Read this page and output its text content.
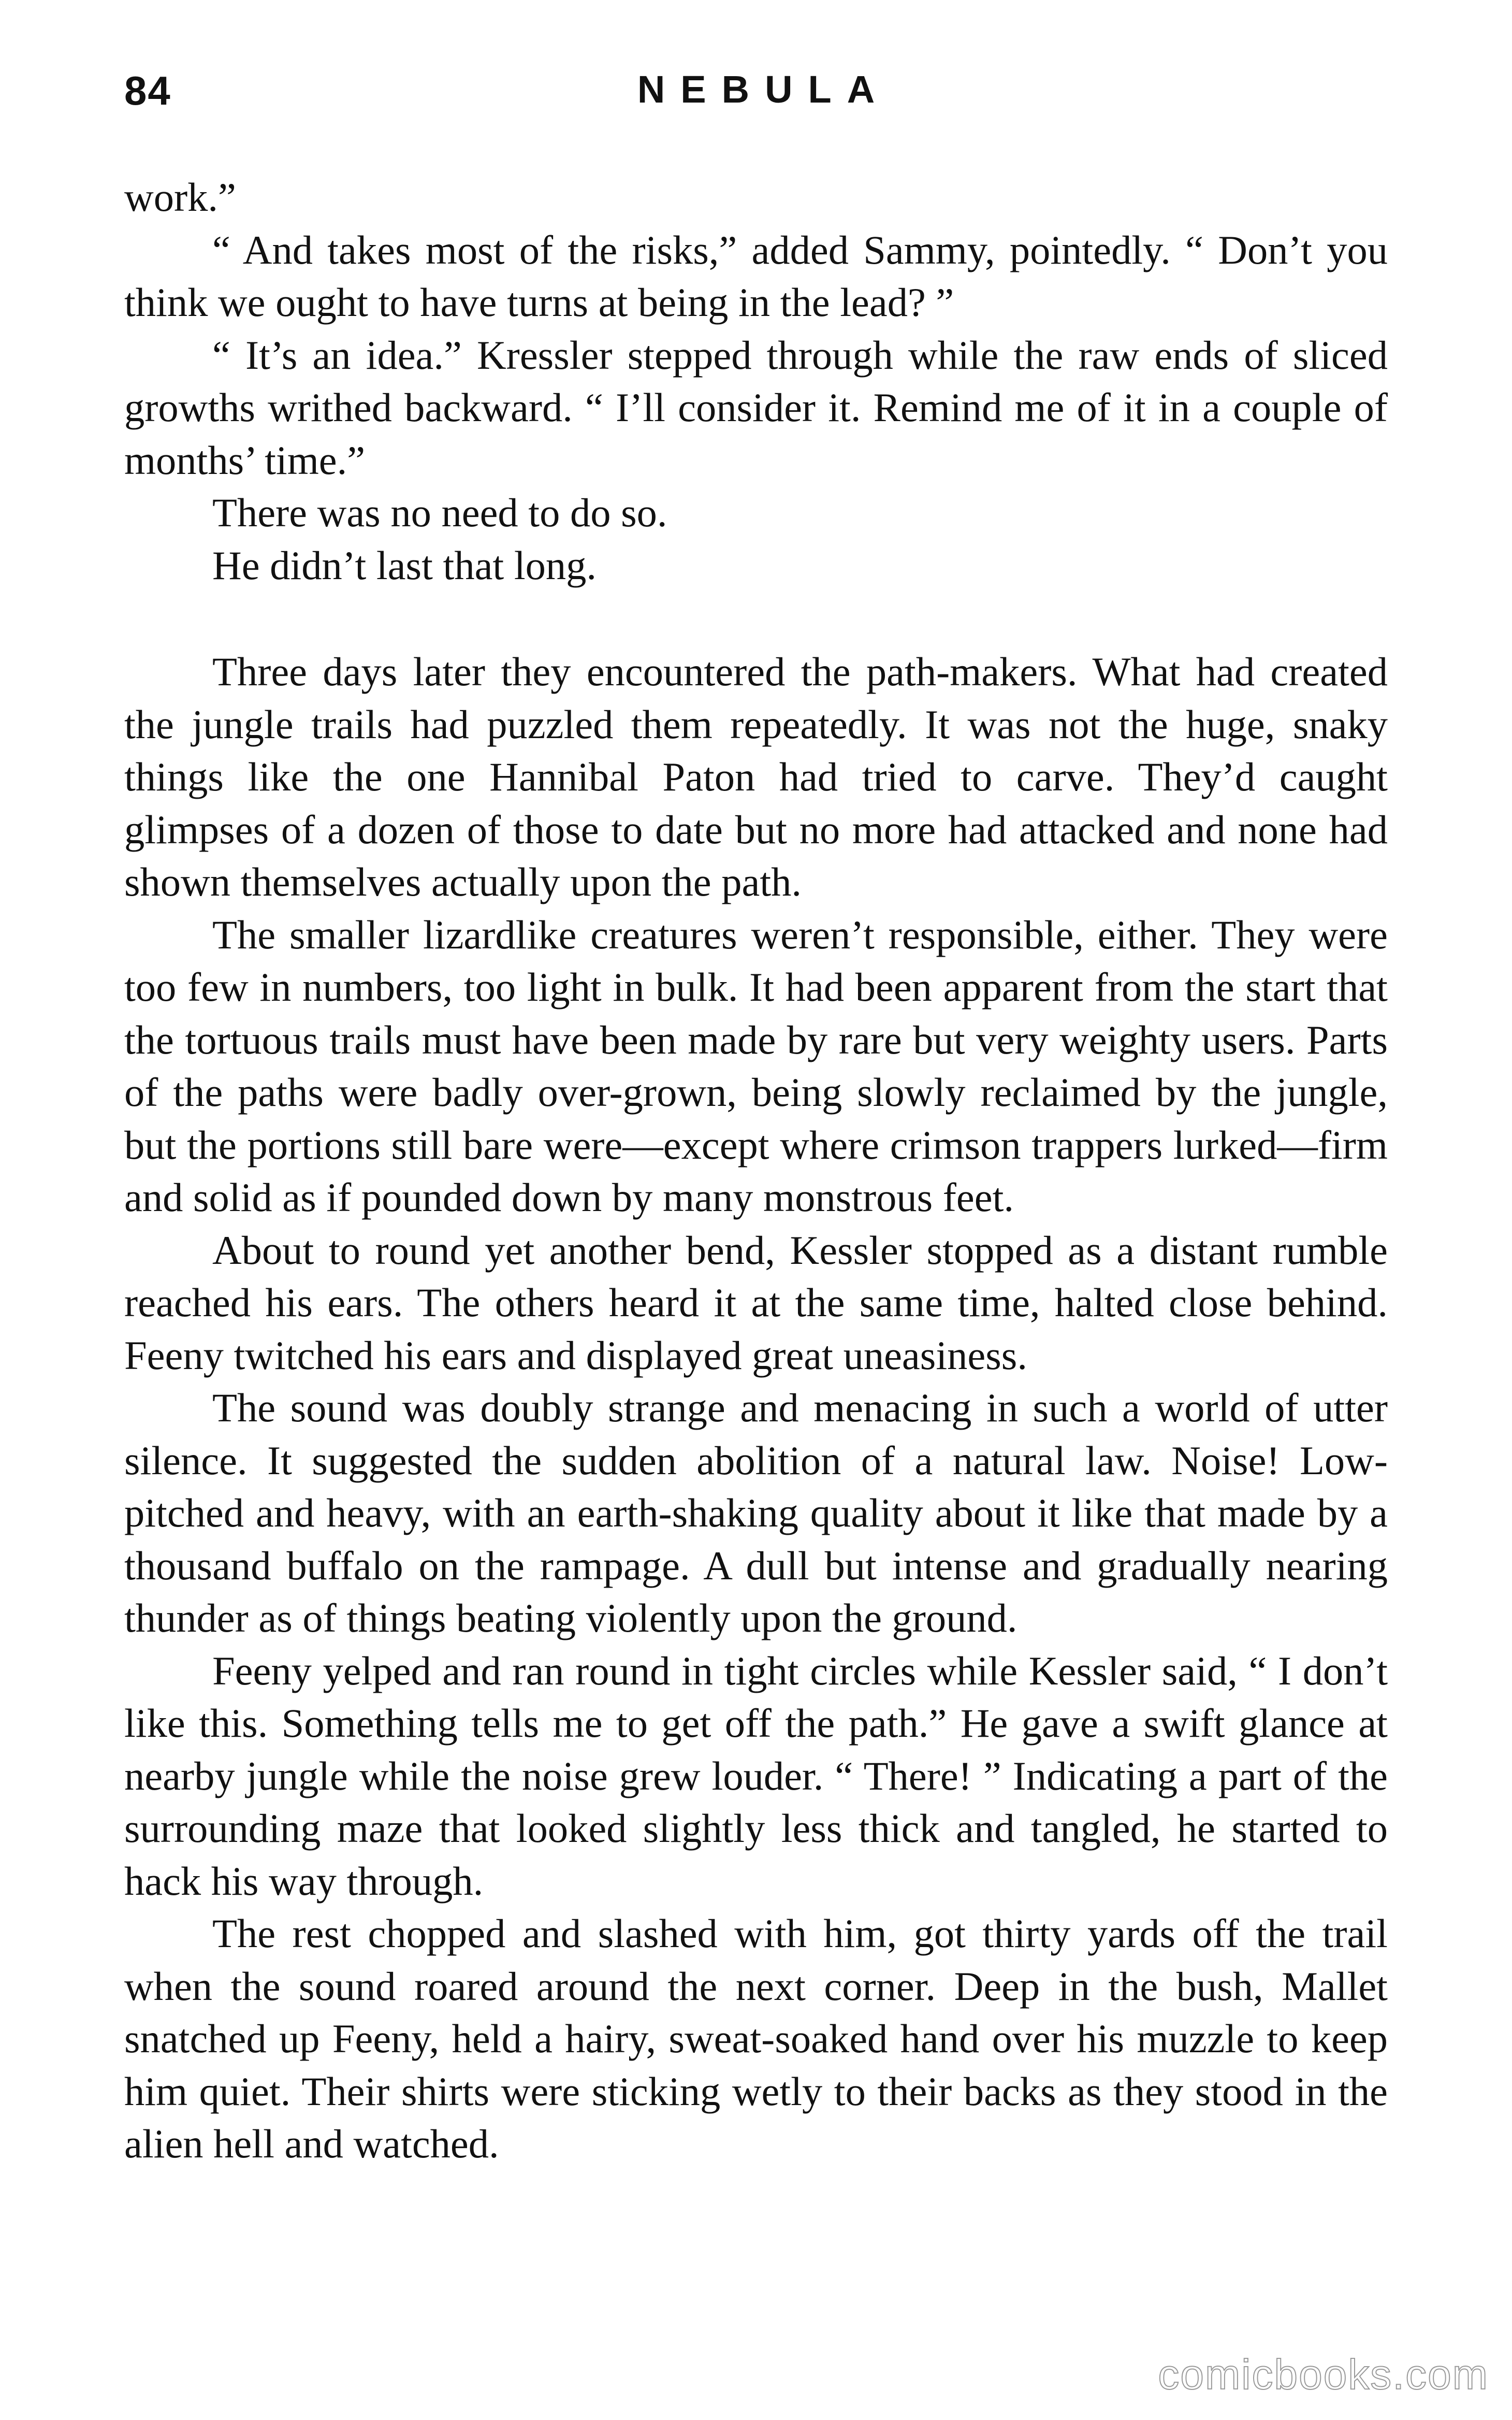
84	NEBULA

work.”

“ And takes most of the risks,” added Sammy, pointedly. “ Don’t you think we ought to have turns at being in the lead? ”

“ It’s an idea.” Kressler stepped through while the raw ends of sliced growths writhed backward. “ I’ll consider it. Remind me of it in a couple of months’ time.”

There was no need to do so.

He didn’t last that long.

Three days later they encountered the path-makers. What had created the jungle trails had puzzled them repeatedly. It was not the huge, snaky things like the one Hannibal Paton had tried to carve. They’d caught glimpses of a dozen of those to date but no more had attacked and none had shown themselves actually upon the path.

The smaller lizardlike creatures weren’t responsible, either. They were too few in numbers, too light in bulk. It had been apparent from the start that the tortuous trails must have been made by rare but very weighty users. Parts of the paths were badly over-grown, being slowly reclaimed by the jungle, but the portions still bare were—except where crimson trappers lurked—firm and solid as if pounded down by many monstrous feet.

About to round yet another bend, Kessler stopped as a distant rumble reached his ears. The others heard it at the same time, halted close behind. Feeny twitched his ears and displayed great uneasiness.

The sound was doubly strange and menacing in such a world of utter silence. It suggested the sudden abolition of a natural law. Noise! Low-pitched and heavy, with an earth-shaking quality about it like that made by a thousand buffalo on the rampage. A dull but intense and gradually nearing thunder as of things beating violently upon the ground.

Feeny yelped and ran round in tight circles while Kessler said, “ I don’t like this. Something tells me to get off the path.” He gave a swift glance at nearby jungle while the noise grew louder. “ There! ” Indicating a part of the surrounding maze that looked slightly less thick and tangled, he started to hack his way through.

The rest chopped and slashed with him, got thirty yards off the trail when the sound roared around the next corner. Deep in the bush, Mallet snatched up Feeny, held a hairy, sweat-soaked hand over his muzzle to keep him quiet. Their shirts were sticking wetly to their backs as they stood in the alien hell and watched.

comicbooks.com
